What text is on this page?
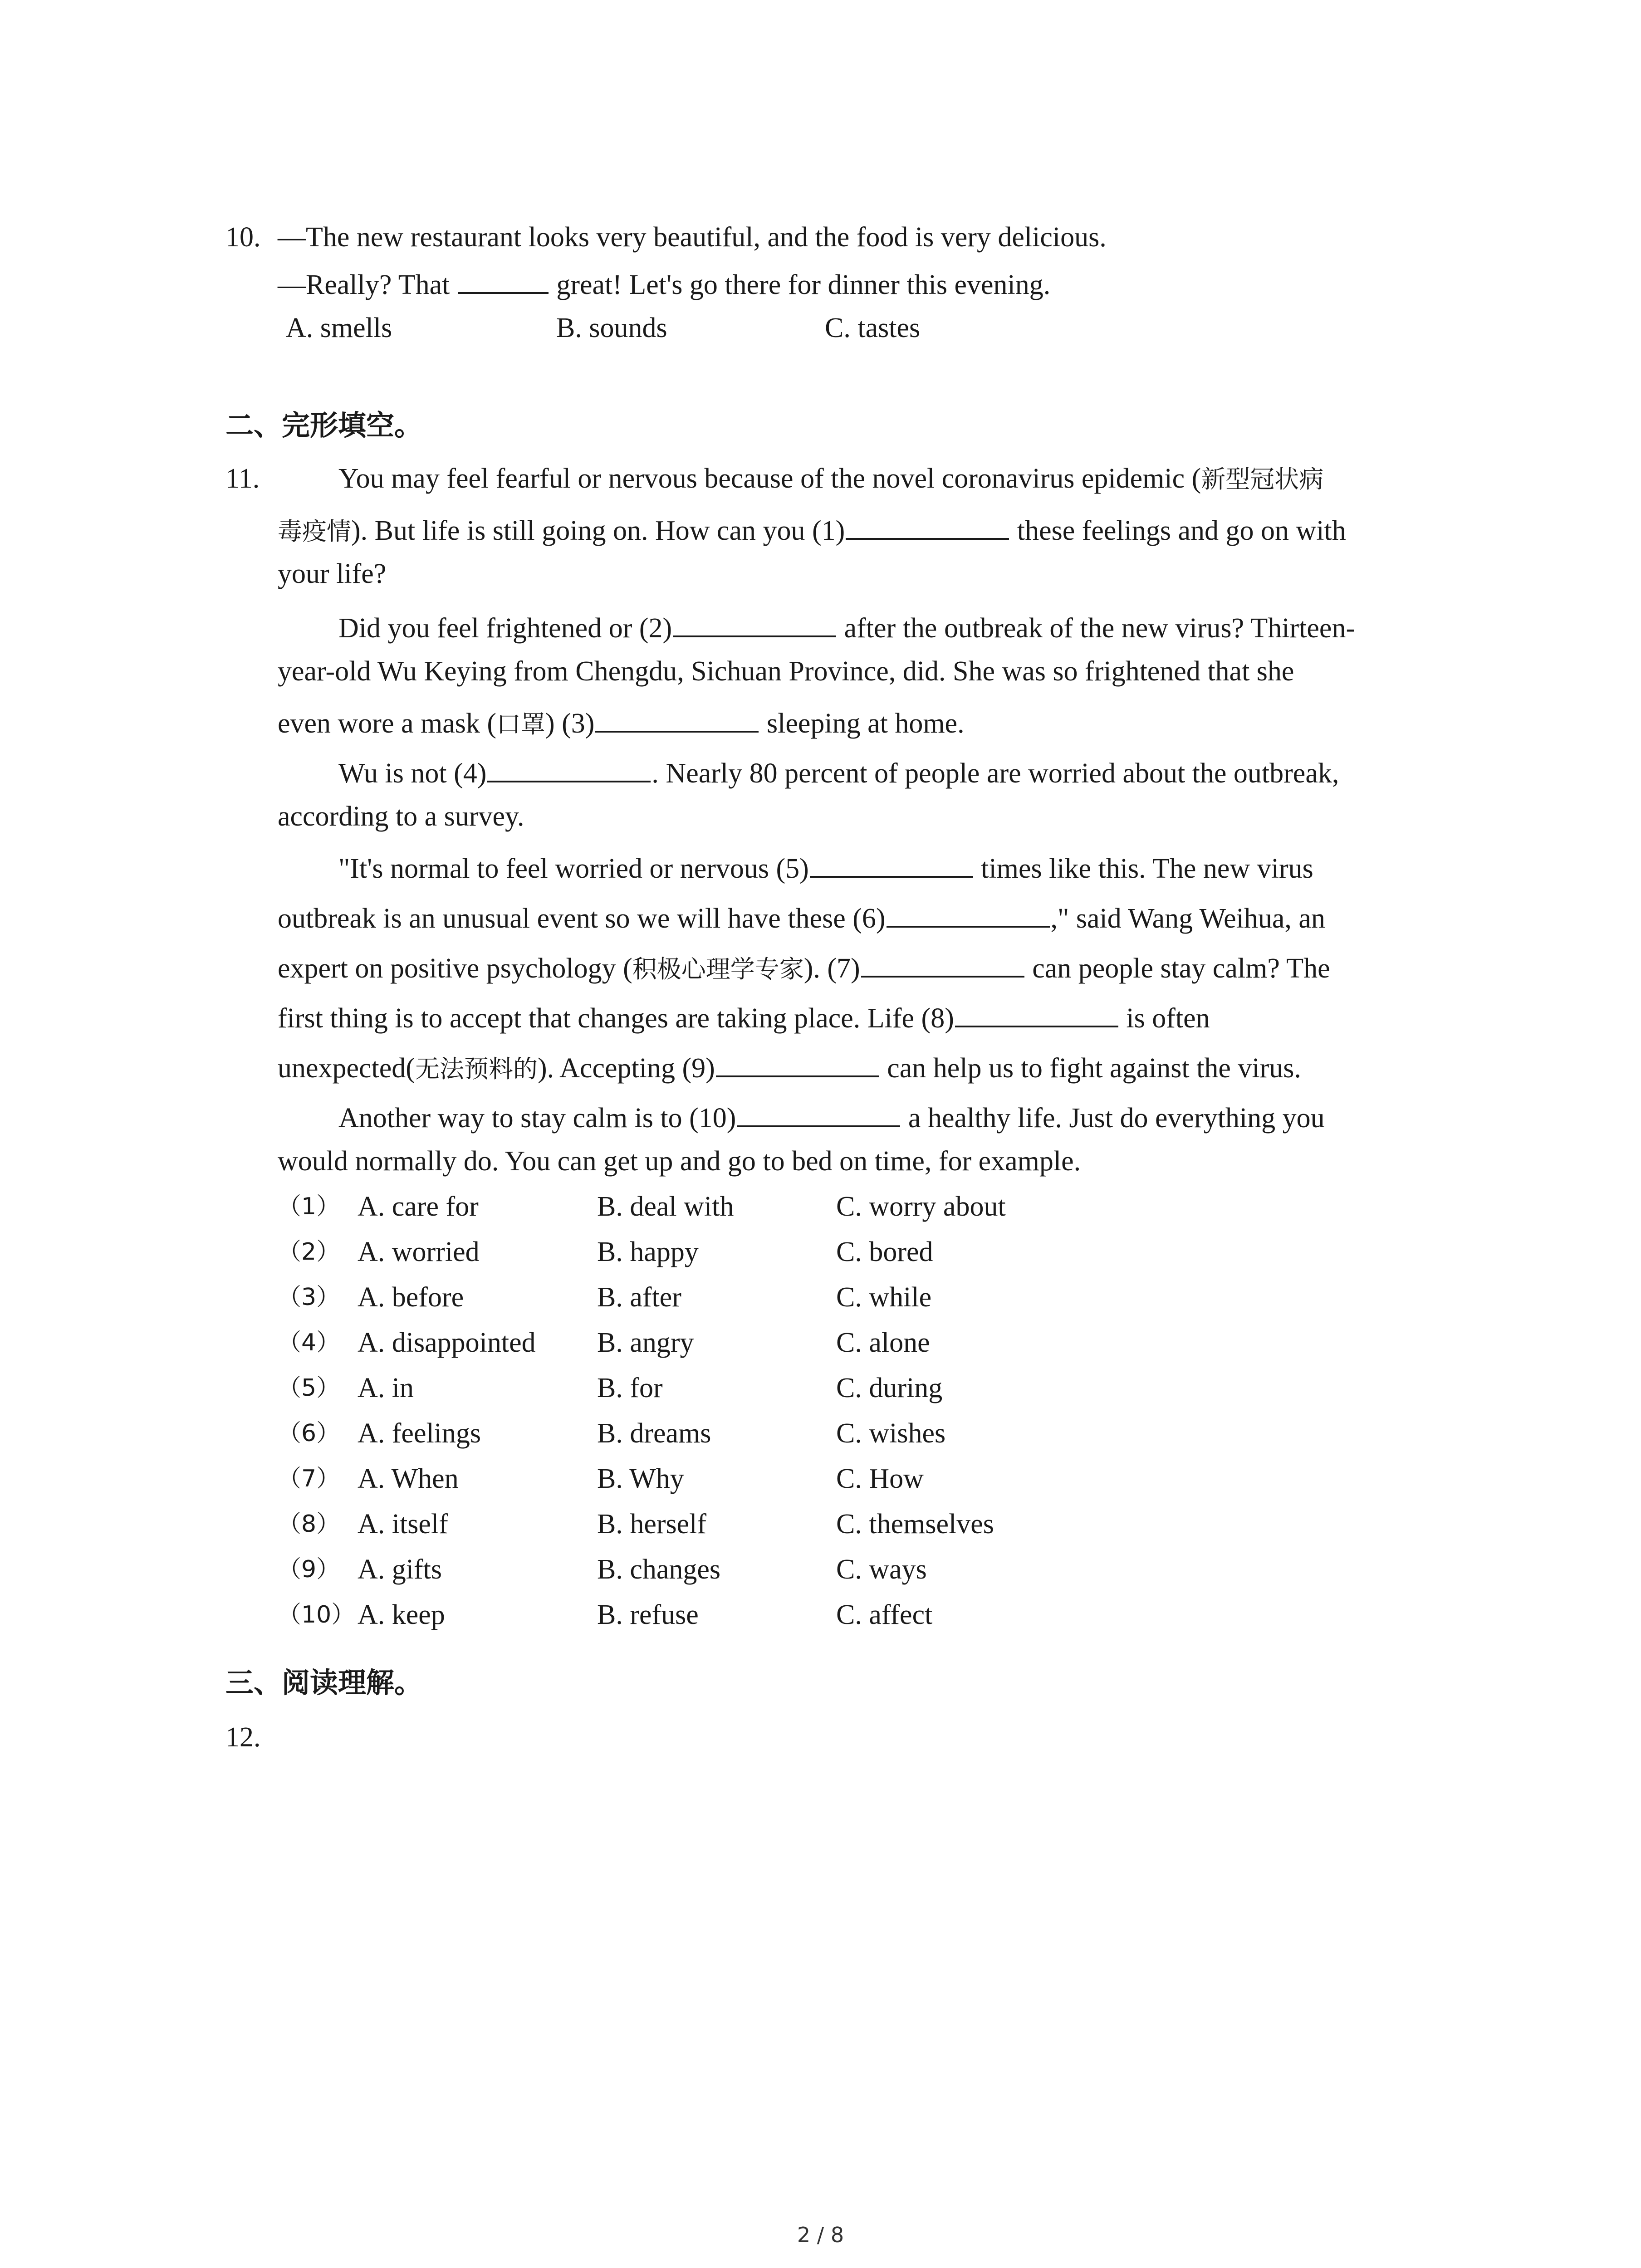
10. —The new restaurant looks very beautiful, and the food is very delicious.
—Really? That	great! Let's go there for dinner this evening.
A. smells	B. sounds	C. tastes
二、完形填空。
11.	You may feel fearful or nervous because of the novel coronavirus epidemic (新型冠状病
毒疫情). But life is still going on. How can you (1)	these feelings and go on with
your life?
Did you feel frightened or (2)	after the outbreak of the new virus? Thirteen-
year-old Wu Keying from Chengdu, Sichuan Province, did. She was so frightened that she
even wore a mask (口罩) (3)	sleeping at home.
Wu is not (4)	. Nearly 80 percent of people are worried about the outbreak,
according to a survey.
"It's normal to feel worried or nervous (5)	times like this. The new virus
outbreak is an unusual event so we will have these (6)	," said Wang Weihua, an
expert on positive psychology (积极心理学专家). (7)	can people stay calm? The
first thing is to accept that changes are taking place. Life (8)	is often
unexpected(无法预料的). Accepting (9)	can help us to fight against the virus.
Another way to stay calm is to (10)	a healthy life. Just do everything you
would normally do. You can get up and go to bed on time, for example.
（1） A. care for	B. deal with	C. worry about
（2） A. worried	B. happy	C. bored
（3） A. before	B. after	C. while
（4） A. disappointed B. angry	C. alone
（5） A. in	B. for	C. during
（6） A. feelings	B. dreams	C. wishes
（7） A. When	B. Why	C. How
（8） A. itself	B. herself	C. themselves
（9） A. gifts	B. changes	C. ways
（10） A. keep	B. refuse	C. affect
三、阅读理解。
12.
2 / 8
